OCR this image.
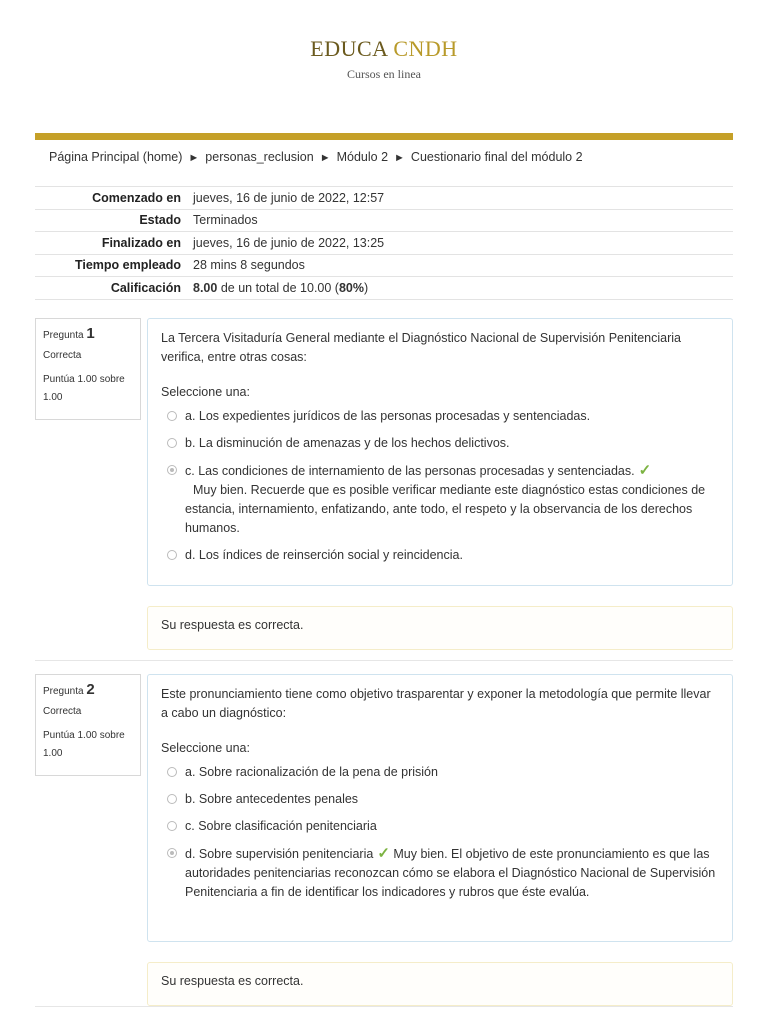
EDUCA CNDH
Cursos en linea
Página Principal (home) ► personas_reclusion ► Módulo 2 ► Cuestionario final del módulo 2
Comenzado en	jueves, 16 de junio de 2022, 12:57
Estado	Terminados
Finalizado en	jueves, 16 de junio de 2022, 13:25
Tiempo empleado	28 mins 8 segundos
Calificación	8.00 de un total de 10.00 (80%)
Pregunta 1
Correcta
Puntúa 1.00 sobre 1.00
La Tercera Visitaduría General mediante el Diagnóstico Nacional de Supervisión Penitenciaria verifica, entre otras cosas:
Seleccione una:
a. Los expedientes jurídicos de las personas procesadas y sentenciadas.
b. La disminución de amenazas y de los hechos delictivos.
c. Las condiciones de internamiento de las personas procesadas y sentenciadas. ✓
Muy bien. Recuerde que es posible verificar mediante este diagnóstico estas condiciones de estancia, internamiento, enfatizando, ante todo, el respeto y la observancia de los derechos humanos.
d. Los índices de reinserción social y reincidencia.
Su respuesta es correcta.
Pregunta 2
Correcta
Puntúa 1.00 sobre 1.00
Este pronunciamiento tiene como objetivo trasparentar y exponer la metodología que permite llevar a cabo un diagnóstico:
Seleccione una:
a. Sobre racionalización de la pena de prisión
b. Sobre antecedentes penales
c. Sobre clasificación penitenciaria
d. Sobre supervisión penitenciaria ✓ Muy bien. El objetivo de este pronunciamiento es que las autoridades penitenciarias reconozcan cómo se elabora el Diagnóstico Nacional de Supervisión Penitenciaria a fin de identificar los indicadores y rubros que éste evalúa.
Su respuesta es correcta.
